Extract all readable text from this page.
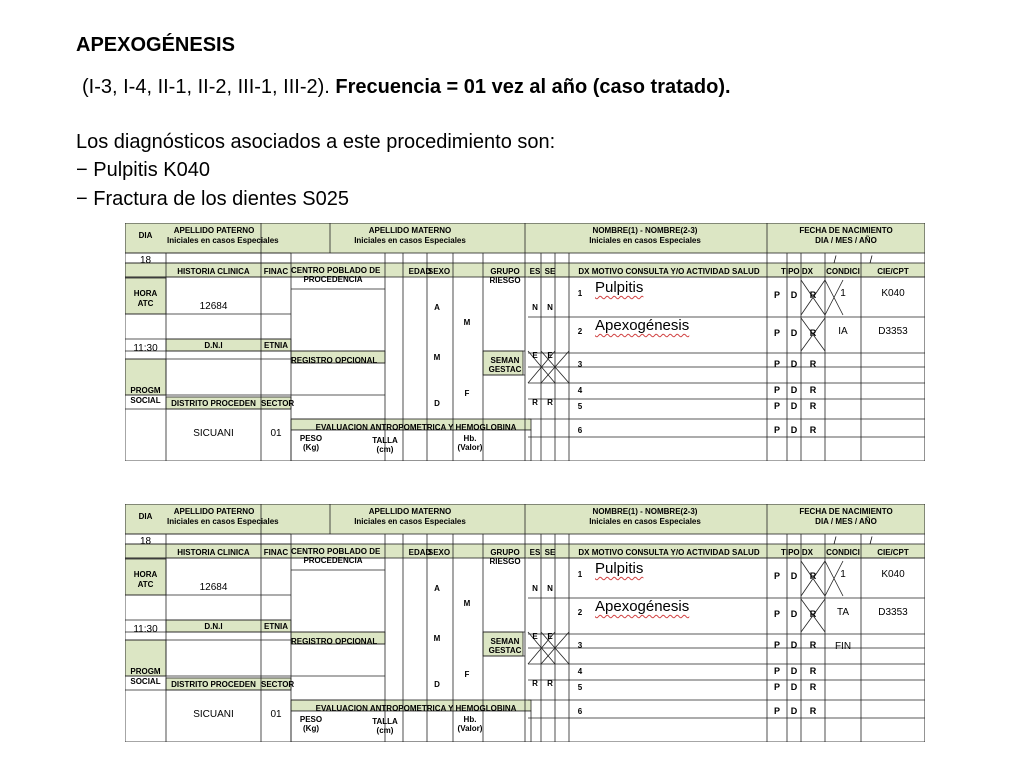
APEXOGÉNESIS
(I-3, I-4, II-1, II-2, III-1, III-2). Frecuencia = 01 vez al año (caso tratado).
Los diagnósticos asociados a este procedimiento son:
− Pulpitis K040
− Fractura de los dientes S025
DIA
APELLIDO PATERNO
Iniciales en casos Especiales
APELLIDO MATERNO
Iniciales en casos Especiales
NOMBRE(1) - NOMBRE(2-3)
Iniciales en casos Especiales
FECHA DE NACIMIENTO
DIA / MES / AÑO
18	/	/
HISTORIA CLINICA	FINAC CENTRO POBLADO DE
PROCEDENCIA
EDAD
SEXO	GRUPO
RIESGO
ES SE	DX MOTIVO CONSULTA Y/O ACTIVIDAD SALUD	TIPO DX	CONDICI	CIE/CPT
HORA
ATC	12684
11:30	D.N.I	ETNIA
REGISTRO OPCIONAL	SEMAN
GESTAC
PROGM
SOCIAL	DISTRITO PROCEDEN SECTOR
SICUANI	01
EVALUACION ANTROPOMETRICA Y HEMOGLOBINA
PESO
(Kg)
TALLA
(cm)
Hb.
(Valor)
A
M
D
M
F
N	N
E	E
R	R
1 Pulpitis	P	D	R	1	K040
2 Apexogénesis	P	D	R	IA	D3353
3	P	D	R
4	P	D	R
5	P	D	R
6	P	D	R
DIA
APELLIDO PATERNO
Iniciales en casos Especiales
APELLIDO MATERNO
Iniciales en casos Especiales
NOMBRE(1) - NOMBRE(2-3)
Iniciales en casos Especiales
FECHA DE NACIMIENTO
DIA / MES / AÑO
18	/	/
HISTORIA CLINICA	FINAC CENTRO POBLADO DE
PROCEDENCIA
EDAD
SEXO	GRUPO
RIESGO
ES SE	DX MOTIVO CONSULTA Y/O ACTIVIDAD SALUD	TIPO DX	CONDICI	CIE/CPT
HORA
ATC	12684
11:30	D.N.I	ETNIA
REGISTRO OPCIONAL	SEMAN
GESTAC
PROGM
SOCIAL	DISTRITO PROCEDEN SECTOR
SICUANI	01
EVALUACION ANTROPOMETRICA Y HEMOGLOBINA
PESO
(Kg)
TALLA
(cm)
Hb.
(Valor)
A
M
D
M
F
N	N
E	E
R	R
1 Pulpitis	P	D	R	1	K040
2 Apexogénesis	P	D	R	TA	D3353
3	P	D	R	FIN
4	P	D	R
5	P	D	R
6	P	D	R
